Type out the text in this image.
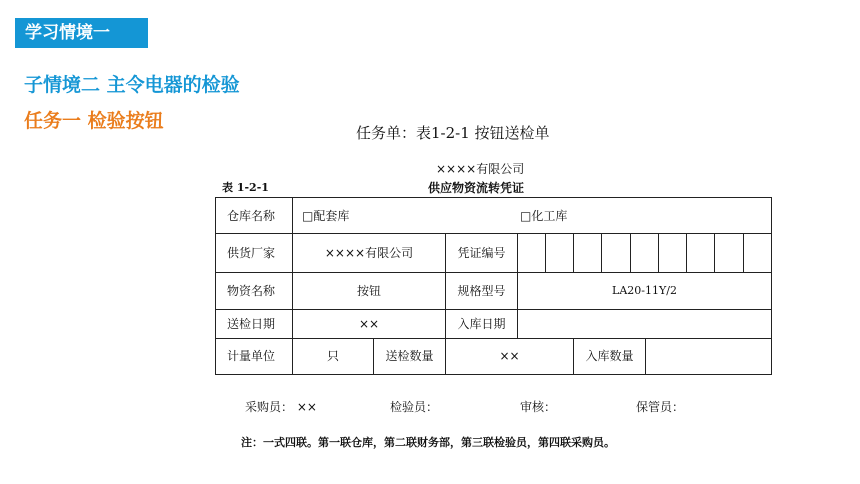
学习情境一
子情境二 主令电器的检验
任务一 检验按钮
任务单：表1-2-1 按钮送检单
××××有限公司
表 1-2-1	供应物资流转凭证
仓库名称 □配套库	□化工库
供货厂家	××××有限公司	凭证编号
物资名称	按钮	规格型号	LA20-11Y/2
送检日期	××	入库日期
计量单位	只	送检数量	××	入库数量
采购员： ××	检验员：	审核：	保管员：
注：一式四联。第一联仓库，第二联财务部，第三联检验员，第四联采购员。
